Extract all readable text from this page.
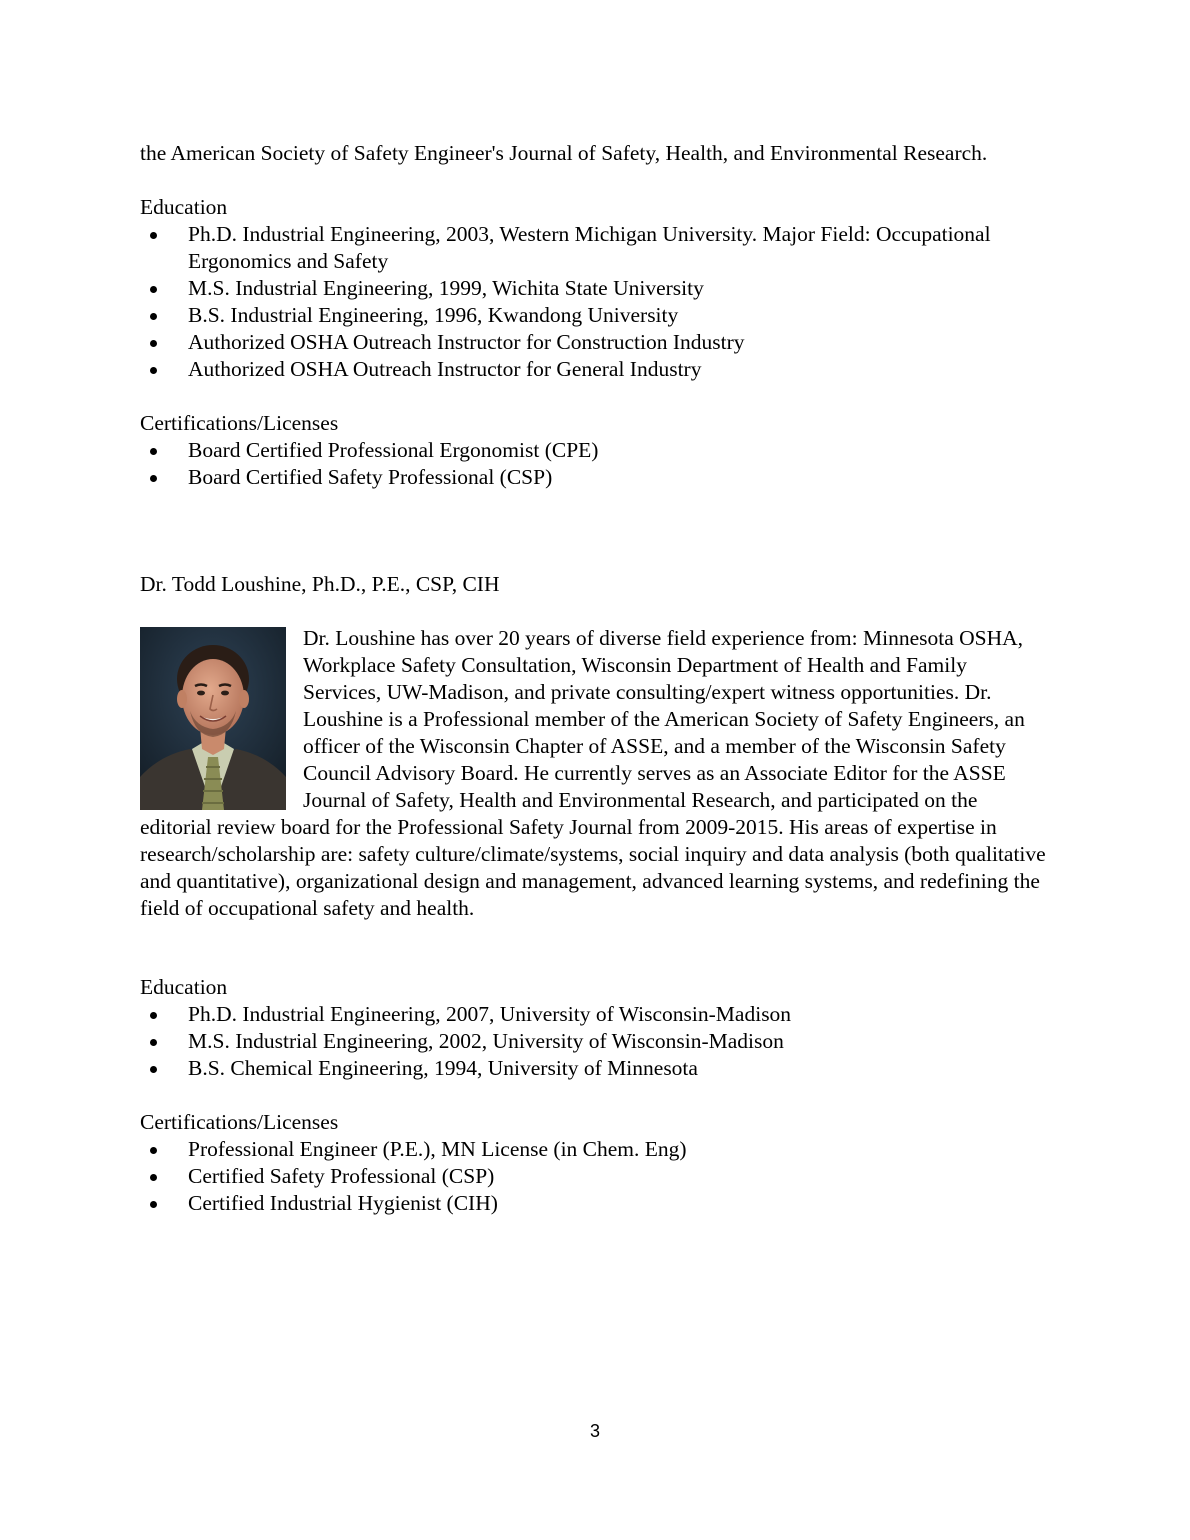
the American Society of Safety Engineer's Journal of Safety, Health, and Environmental Research.

Education

Ph.D. Industrial Engineering, 2003, Western Michigan University. Major Field: Occupational Ergonomics and Safety
M.S. Industrial Engineering, 1999, Wichita State University
B.S. Industrial Engineering, 1996, Kwandong University
Authorized OSHA Outreach Instructor for Construction Industry
Authorized OSHA Outreach Instructor for General Industry

Certifications/Licenses

Board Certified Professional Ergonomist (CPE)
Board Certified Safety Professional (CSP)

Dr. Todd Loushine, Ph.D., P.E., CSP, CIH

Dr. Loushine has over 20 years of diverse field experience from: Minnesota OSHA, Workplace Safety Consultation, Wisconsin Department of Health and Family Services, UW-Madison, and private consulting/expert witness opportunities. Dr. Loushine is a Professional member of the American Society of Safety Engineers, an officer of the Wisconsin Chapter of ASSE, and a member of the Wisconsin Safety Council Advisory Board. He currently serves as an Associate Editor for the ASSE Journal of Safety, Health and Environmental Research, and participated on the editorial review board for the Professional Safety Journal from 2009-2015. His areas of expertise in research/scholarship are: safety culture/climate/systems, social inquiry and data analysis (both qualitative and quantitative), organizational design and management, advanced learning systems, and redefining the field of occupational safety and health.

Education

Ph.D. Industrial Engineering, 2007, University of Wisconsin-Madison
M.S. Industrial Engineering, 2002, University of Wisconsin-Madison
B.S. Chemical Engineering, 1994, University of Minnesota

Certifications/Licenses

Professional Engineer (P.E.), MN License (in Chem. Eng)
Certified Safety Professional (CSP)
Certified Industrial Hygienist (CIH)
3
